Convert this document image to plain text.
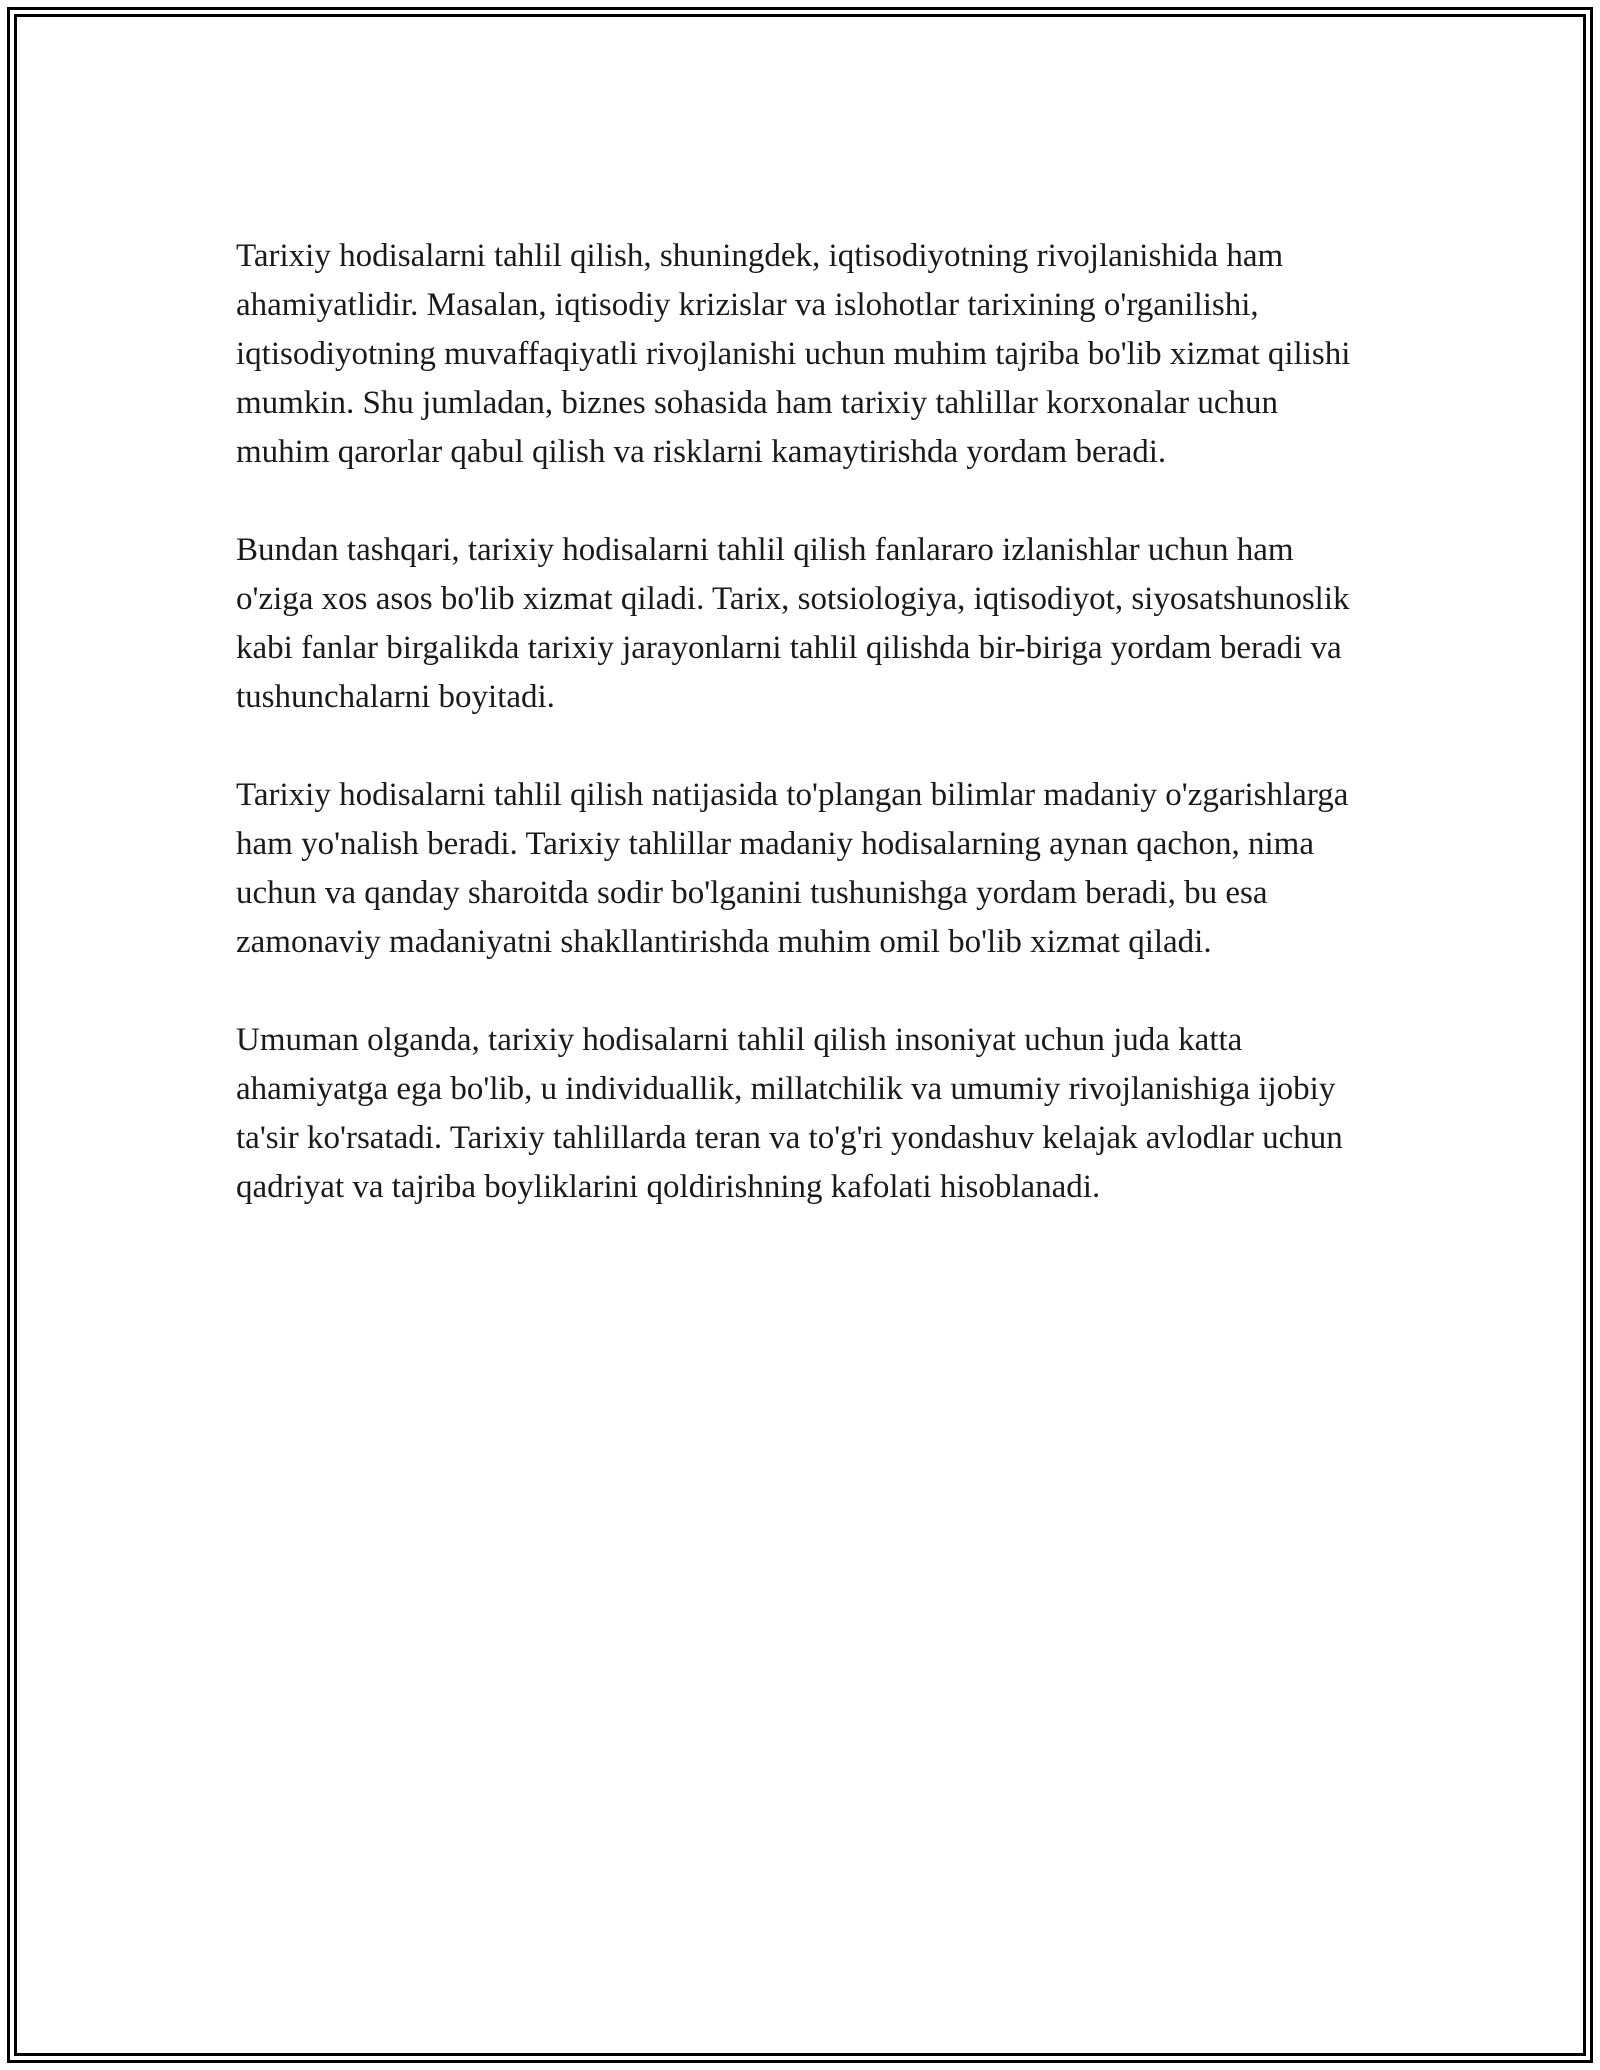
Tarixiy hodisalarni tahlil qilish, shuningdek, iqtisodiyotning rivojlanishida ham ahamiyatlidir. Masalan, iqtisodiy krizislar va islohotlar tarixining o'rganilishi, iqtisodiyotning muvaffaqiyatli rivojlanishi uchun muhim tajriba bo'lib xizmat qilishi mumkin. Shu jumladan, biznes sohasida ham tarixiy tahlillar korxonalar uchun muhim qarorlar qabul qilish va risklarni kamaytirishda yordam beradi.

Bundan tashqari, tarixiy hodisalarni tahlil qilish fanlararo izlanishlar uchun ham o'ziga xos asos bo'lib xizmat qiladi. Tarix, sotsiologiya, iqtisodiyot, siyosatshunoslik kabi fanlar birgalikda tarixiy jarayonlarni tahlil qilishda bir-biriga yordam beradi va tushunchalarni boyitadi.

Tarixiy hodisalarni tahlil qilish natijasida to'plangan bilimlar madaniy o'zgarishlarga ham yo'nalish beradi. Tarixiy tahlillar madaniy hodisalarning aynan qachon, nima uchun va qanday sharoitda sodir bo'lganini tushunishga yordam beradi, bu esa zamonaviy madaniyatni shakllantirishda muhim omil bo'lib xizmat qiladi.

Umuman olganda, tarixiy hodisalarni tahlil qilish insoniyat uchun juda katta ahamiyatga ega bo'lib, u individuallik, millatchilik va umumiy rivojlanishiga ijobiy ta'sir ko'rsatadi. Tarixiy tahlillarda teran va to'g'ri yondashuv kelajak avlodlar uchun qadriyat va tajriba boyliklarini qoldirishning kafolati hisoblanadi.
